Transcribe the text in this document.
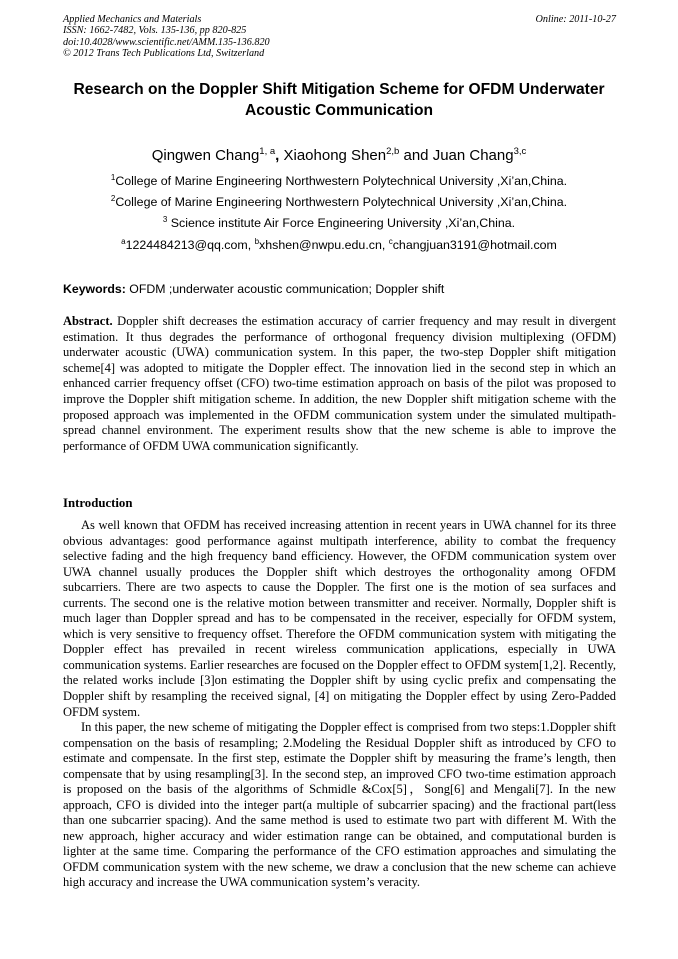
Applied Mechanics and Materials
ISSN: 1662-7482, Vols. 135-136, pp 820-825
doi:10.4028/www.scientific.net/AMM.135-136.820
© 2012 Trans Tech Publications Ltd, Switzerland
Online: 2011-10-27
Research on the Doppler Shift Mitigation Scheme for OFDM Underwater Acoustic Communication
Qingwen Chang$^{1, a}$, Xiaohong Shen$^{2,b}$ and Juan Chang$^{3,c}$
$^1$College of Marine Engineering Northwestern Polytechnical University ,Xi’an,China.
$^2$College of Marine Engineering Northwestern Polytechnical University ,Xi’an,China.
$^3$ Science institute Air Force Engineering University ,Xi’an,China.
$^a$1224484213@qq.com, $^b$xhshen@nwpu.edu.cn, $^c$changjuan3191@hotmail.com
Keywords: OFDM ;underwater acoustic communication; Doppler shift
Abstract. Doppler shift decreases the estimation accuracy of carrier frequency and may result in divergent estimation. It thus degrades the performance of orthogonal frequency division multiplexing (OFDM) underwater acoustic (UWA) communication system. In this paper, the two-step Doppler shift mitigation scheme[4] was adopted to mitigate the Doppler effect. The innovation lied in the second step in which an enhanced carrier frequency offset (CFO) two-time estimation approach on basis of the pilot was proposed to improve the Doppler shift mitigation scheme. In addition, the new Doppler shift mitigation scheme with the proposed approach was implemented in the OFDM communication system under the simulated multipath-spread channel environment. The experiment results show that the new scheme is able to improve the performance of OFDM UWA communication significantly.
Introduction

As well known that OFDM has received increasing attention in recent years in UWA channel for its three obvious advantages: good performance against multipath interference, ability to combat the frequency selective fading and the high frequency band efficiency. However, the OFDM communication system over UWA channel usually produces the Doppler shift which destroyes the orthogonality among OFDM subcarriers. There are two aspects to cause the Doppler. The first one is the motion of sea surfaces and currents. The second one is the relative motion between transmitter and receiver. Normally, Doppler shift is much lager than Doppler spread and has to be compensated in the receiver, especially for OFDM system, which is very sensitive to frequency offset. Therefore the OFDM communication system with mitigating the Doppler effect has prevailed in recent wireless communication applications, especially in UWA communication systems. Earlier researches are focused on the Doppler effect to OFDM system[1,2]. Recently, the related works include [3]on estimating the Doppler shift by using cyclic prefix and compensating the Doppler shift by resampling the received signal, [4] on mitigating the Doppler effect by using Zero-Padded OFDM system.

In this paper, the new scheme of mitigating the Doppler effect is comprised from two steps:1.Doppler shift compensation on the basis of resampling; 2.Modeling the Residual Doppler shift as introduced by CFO to estimate and compensate. In the first step, estimate the Doppler shift by measuring the frame’s length, then compensate that by using resampling[3]. In the second step, an improved CFO two-time estimation approach is proposed on the basis of the algorithms of Schmidle &Cox[5]，Song[6] and Mengali[7]. In the new approach, CFO is divided into the integer part(a multiple of subcarrier spacing) and the fractional part(less than one subcarrier spacing). And the same method is used to estimate two part with different M. With the new approach, higher accuracy and wider estimation range can be obtained, and computational burden is lighter at the same time. Comparing the performance of the CFO estimation approaches and simulating the OFDM communication system with the new scheme, we draw a conclusion that the new scheme can achieve high accuracy and increase the UWA communication system’s veracity.
